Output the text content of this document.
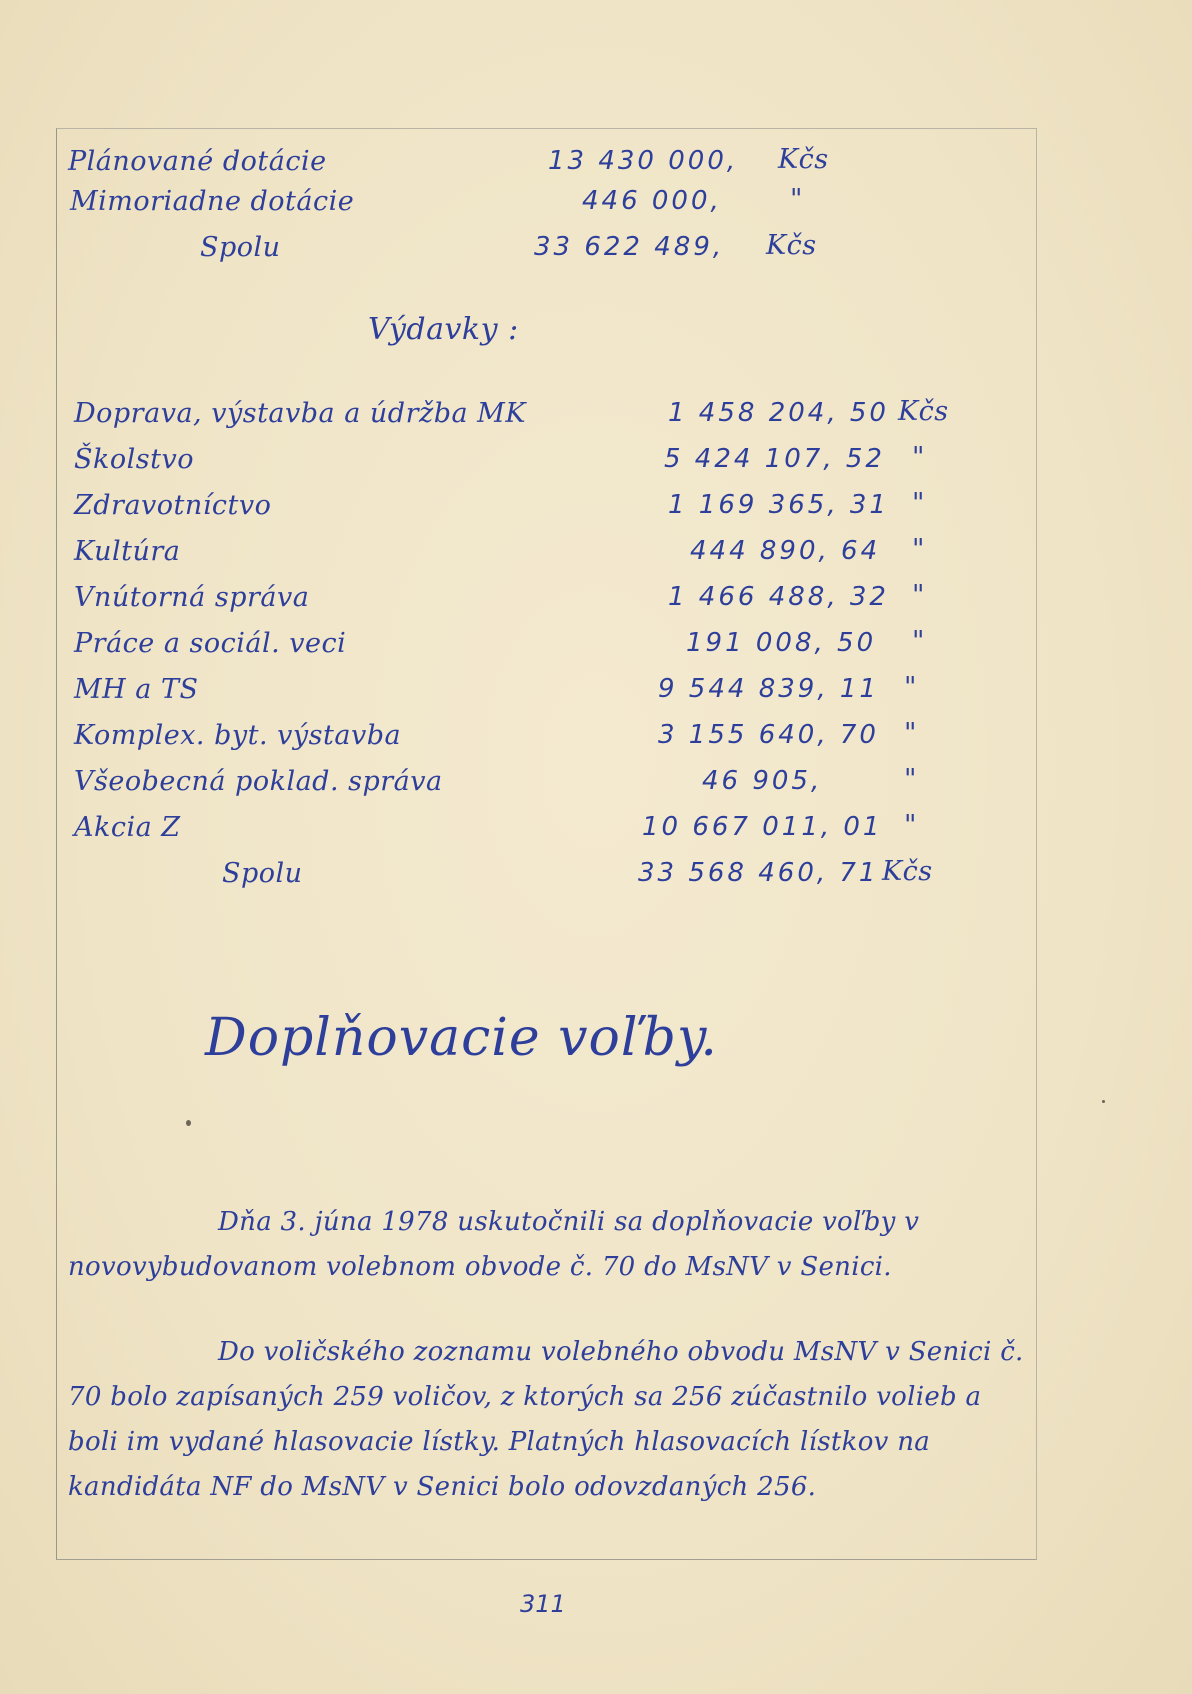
Plánované dotácie	13 430 000, Kčs
Mimoriadne dotácie	446 000,	"
Spolu	33 622 489, Kčs
Výdavky :
Doprava, výstavba a údržba MK	1 458 204, 50 Kčs
Školstvo	5 424 107, 52 "
Zdravotníctvo	1 169 365, 31 "
Kultúra	444 890, 64 "
Vnútorná správa	1 466 488, 32 "
Práce a sociál. veci	191 008, 50 "
MH a TS	9 544 839, 11 "
Komplex. byt. výstavba	3 155 640, 70 "
Všeobecná poklad. správa	46 905,	"
Akcia Z	10 667 011, 01 "
Spolu	33 568 460, 71 Kčs
Doplňovacie voľby.
Dňa 3. júna 1978 uskutočnili sa doplňovacie voľby v novovybudovanom volebnom obvode č. 70 do MsNV v Senici.
Do voličského zoznamu volebného obvodu MsNV v Senici č. 70 bolo zapísaných 259 voličov, z ktorých sa 256 zúčastnilo volieb a boli im vydané hlasovacie lístky. Platných hlasovacích lístkov na kandidáta NF do MsNV v Senici bolo odovzdaných 256.
311
